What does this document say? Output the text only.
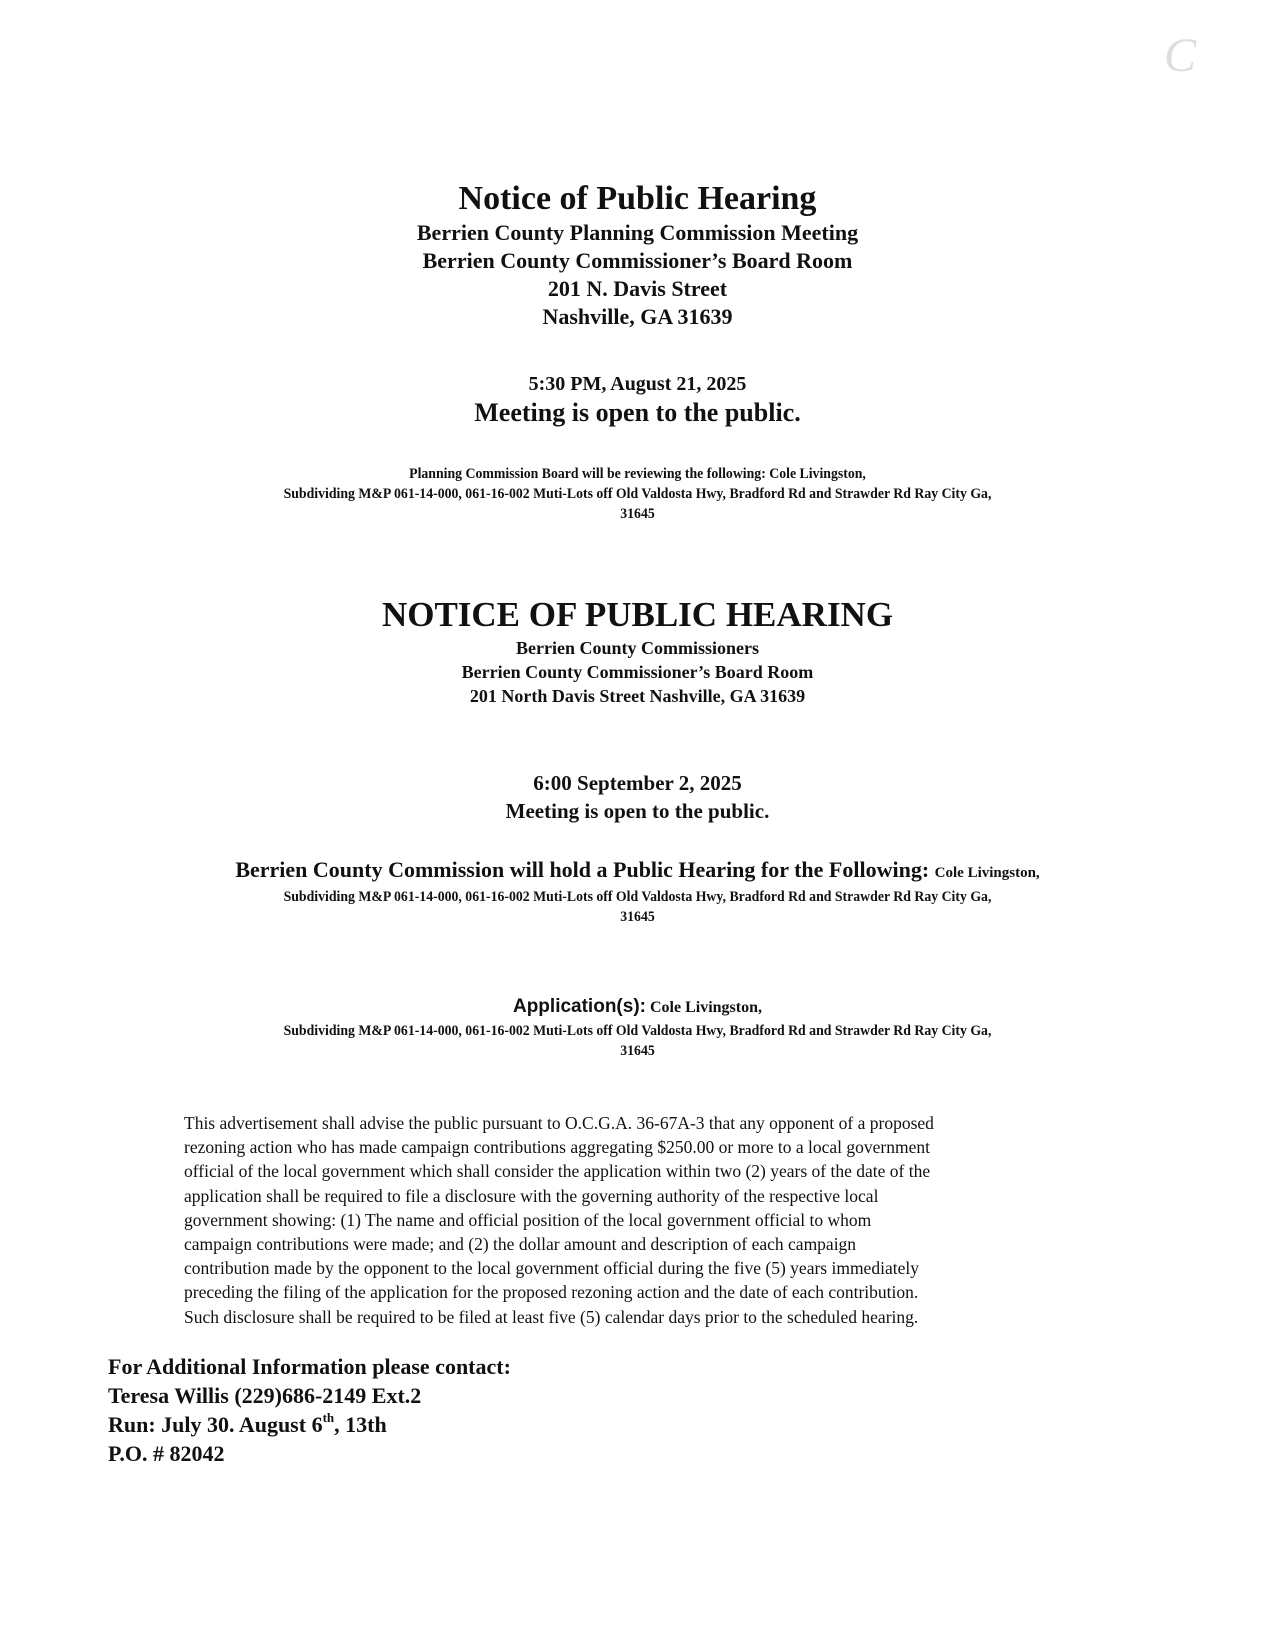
C
Notice of Public Hearing
Berrien County Planning Commission Meeting
Berrien County Commissioner’s Board Room
201 N. Davis Street
Nashville, GA 31639
5:30 PM, August 21, 2025
Meeting is open to the public.
Planning Commission Board will be reviewing the following: Cole Livingston,
Subdividing M&P 061-14-000, 061-16-002 Muti-Lots off Old Valdosta Hwy, Bradford Rd and Strawder Rd Ray City Ga,
31645
NOTICE OF PUBLIC HEARING
Berrien County Commissioners
Berrien County Commissioner’s Board Room
201 North Davis Street Nashville, GA 31639
6:00 September 2, 2025
Meeting is open to the public.
Berrien County Commission will hold a Public Hearing for the Following: Cole Livingston,
Subdividing M&P 061-14-000, 061-16-002 Muti-Lots off Old Valdosta Hwy, Bradford Rd and Strawder Rd Ray City Ga,
31645
Application(s): Cole Livingston,
Subdividing M&P 061-14-000, 061-16-002 Muti-Lots off Old Valdosta Hwy, Bradford Rd and Strawder Rd Ray City Ga,
31645
This advertisement shall advise the public pursuant to O.C.G.A. 36-67A-3 that any opponent of a proposed
rezoning action who has made campaign contributions aggregating $250.00 or more to a local government
official of the local government which shall consider the application within two (2) years of the date of the
application shall be required to file a disclosure with the governing authority of the respective local
government showing: (1) The name and official position of the local government official to whom
campaign contributions were made; and (2) the dollar amount and description of each campaign
contribution made by the opponent to the local government official during the five (5) years immediately
preceding the filing of the application for the proposed rezoning action and the date of each contribution.
Such disclosure shall be required to be filed at least five (5) calendar days prior to the scheduled hearing.
For Additional Information please contact:
Teresa Willis (229)686-2149 Ext.2
Run: July 30. August 6th, 13th
P.O. # 82042
